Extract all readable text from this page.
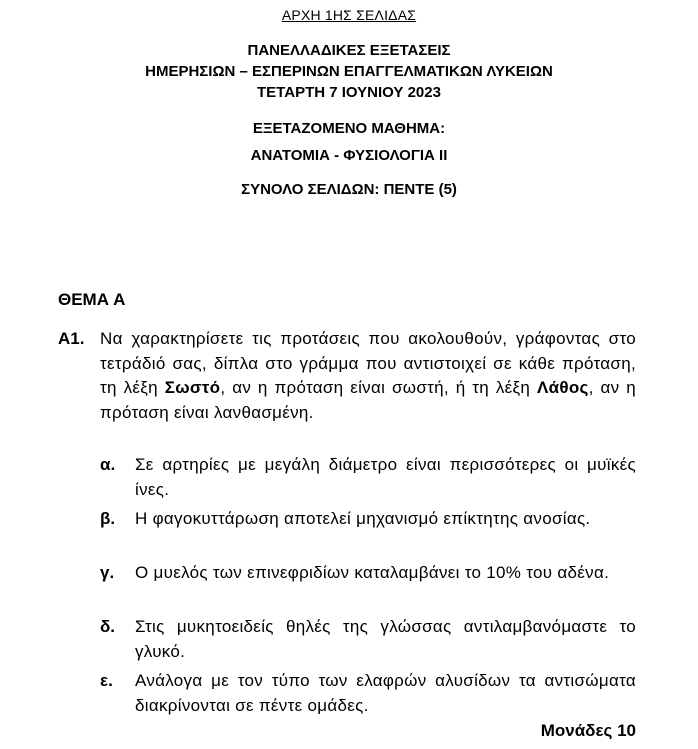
ΑΡΧΗ 1ΗΣ ΣΕΛΙΔΑΣ
ΠΑΝΕΛΛΑΔΙΚΕΣ ΕΞΕΤΑΣΕΙΣ
ΗΜΕΡΗΣΙΩΝ – ΕΣΠΕΡΙΝΩΝ ΕΠΑΓΓΕΛΜΑΤΙΚΩΝ ΛΥΚΕΙΩΝ
ΤΕΤΑΡΤΗ 7 ΙΟΥΝΙΟΥ 2023
ΕΞΕΤΑΖΟΜΕΝΟ ΜΑΘΗΜΑ:
ΑΝΑΤΟΜΙΑ - ΦΥΣΙΟΛΟΓΙΑ ΙΙ
ΣΥΝΟΛΟ ΣΕΛΙΔΩΝ: ΠΕΝΤΕ (5)
ΘΕΜΑ Α
Α1. Να χαρακτηρίσετε τις προτάσεις που ακολουθούν, γράφοντας στο τετράδιό σας, δίπλα στο γράμμα που αντιστοιχεί σε κάθε πρόταση, τη λέξη Σωστό, αν η πρόταση είναι σωστή, ή τη λέξη Λάθος, αν η πρόταση είναι λανθασμένη.
α. Σε αρτηρίες με μεγάλη διάμετρο είναι περισσότερες οι μυϊκές ίνες.
β. Η φαγοκυττάρωση αποτελεί μηχανισμό επίκτητης ανοσίας.
γ. Ο μυελός των επινεφριδίων καταλαμβάνει το 10% του αδένα.
δ. Στις μυκητοειδείς θηλές της γλώσσας αντιλαμβανόμαστε το γλυκό.
ε. Ανάλογα με τον τύπο των ελαφρών αλυσίδων τα αντισώματα διακρίνονται σε πέντε ομάδες.
Μονάδες 10
